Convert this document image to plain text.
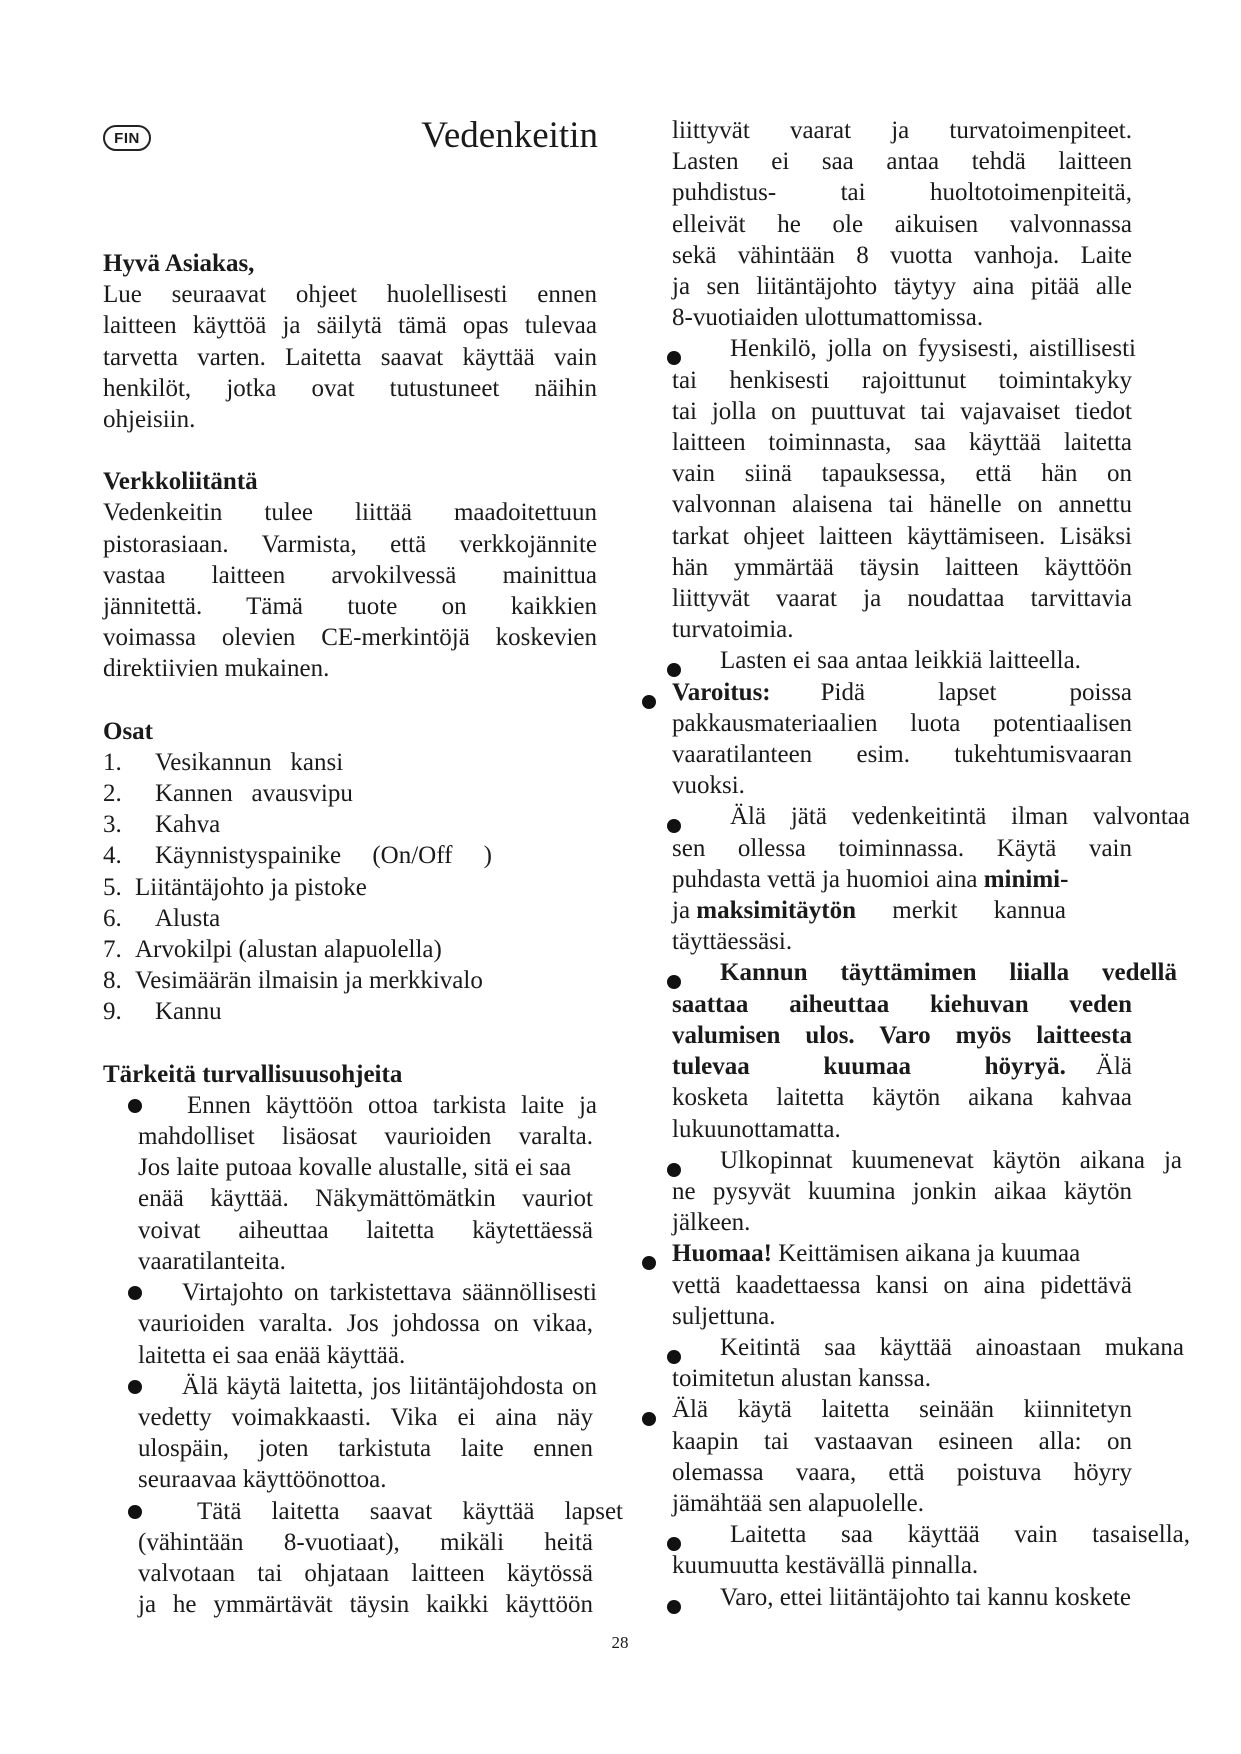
FIN	Vedenkeitin

Hyvä Asiakas,

Lue seuraavat ohjeet huolellisesti ennen

laitteen käyttöä ja säilytä tämä opas tulevaa

tarvetta varten. Laitetta saavat käyttää vain

henkilöt, jotka ovat tutustuneet näihin

ohjeisiin.

Verkkoliitäntä

Vedenkeitin tulee liittää maadoitettuun

pistorasiaan. Varmista, että verkkojännite

vastaa laitteen arvokilvessä mainittua

jännitettä. Tämä tuote on kaikkien

voimassa olevien CE-merkintöjä koskevien

direktiivien mukainen.

Osat

1.	Vesikannun   kansi
2.	Kannen   avausvipu
3.	Kahva
4.	Käynnistyspainike     (On/Off     )
5. Liitäntäjohto ja pistoke
6.	Alusta
7. Arvokilpi (alustan alapuolella)
8. Vesimäärän ilmaisin ja merkkivalo
9.	Kannu

Tärkeitä turvallisuusohjeita

Ennen käyttöön ottoa tarkista laite ja

mahdolliset lisäosat vaurioiden varalta.

Jos laite putoaa kovalle alustalle, sitä ei saa

enää käyttää. Näkymättömätkin vauriot

voivat aiheuttaa laitetta käytettäessä

vaaratilanteita.

Virtajohto on tarkistettava säännöllisesti

vaurioiden varalta. Jos johdossa on vikaa,

laitetta ei saa enää käyttää.

Älä käytä laitetta, jos liitäntäjohdosta on

vedetty voimakkaasti. Vika ei aina näy

ulospäin, joten tarkistuta laite ennen

seuraavaa käyttöönottoa.

Tätä laitetta saavat käyttää lapset

(vähintään 8-vuotiaat), mikäli heitä

valvotaan tai ohjataan laitteen käytössä

ja he ymmärtävät täysin kaikki käyttöön

liittyvät vaarat ja turvatoimenpiteet.

Lasten ei saa antaa tehdä laitteen

puhdistus- tai huoltotoimenpiteitä,

elleivät he ole aikuisen valvonnassa

sekä vähintään 8 vuotta vanhoja. Laite

ja sen liitäntäjohto täytyy aina pitää alle

8-vuotiaiden ulottumattomissa.

Henkilö, jolla on fyysisesti, aistillisesti

tai henkisesti rajoittunut toimintakyky

tai jolla on puuttuvat tai vajavaiset tiedot

laitteen toiminnasta, saa käyttää laitetta

vain siinä tapauksessa, että hän on

valvonnan alaisena tai hänelle on annettu

tarkat ohjeet laitteen käyttämiseen. Lisäksi

hän ymmärtää täysin laitteen käyttöön

liittyvät vaarat ja noudattaa tarvittavia

turvatoimia.

Lasten ei saa antaa leikkiä laitteella.

Varoitus: Pidä lapset poissa

pakkausmateriaalien luota potentiaalisen

vaaratilanteen esim. tukehtumisvaaran

vuoksi.

Älä jätä vedenkeitintä ilman valvontaa

sen ollessa toiminnassa. Käytä vain

puhdasta vettä ja huomioi aina minimi-

ja maksimitäytön merkit kannua

täyttäessäsi.

Kannun täyttämimen liialla vedellä

saattaa aiheuttaa kiehuvan veden

valumisen ulos. Varo myös laitteesta

tulevaa kuumaa höyryä. Älä

kosketa laitetta käytön aikana kahvaa

lukuunottamatta.

Ulkopinnat kuumenevat käytön aikana ja

ne pysyvät kuumina jonkin aikaa käytön

jälkeen.

Huomaa! Keittämisen aikana ja kuumaa

vettä kaadettaessa kansi on aina pidettävä

suljettuna.

Keitintä saa käyttää ainoastaan mukana

toimitetun alustan kanssa.

Älä käytä laitetta seinään kiinnitetyn

kaapin tai vastaavan esineen alla: on

olemassa vaara, että poistuva höyry

jämähtää sen alapuolelle.

Laitetta saa käyttää vain tasaisella,

kuumuutta kestävällä pinnalla.

Varo, ettei liitäntäjohto tai kannu koskete

28
